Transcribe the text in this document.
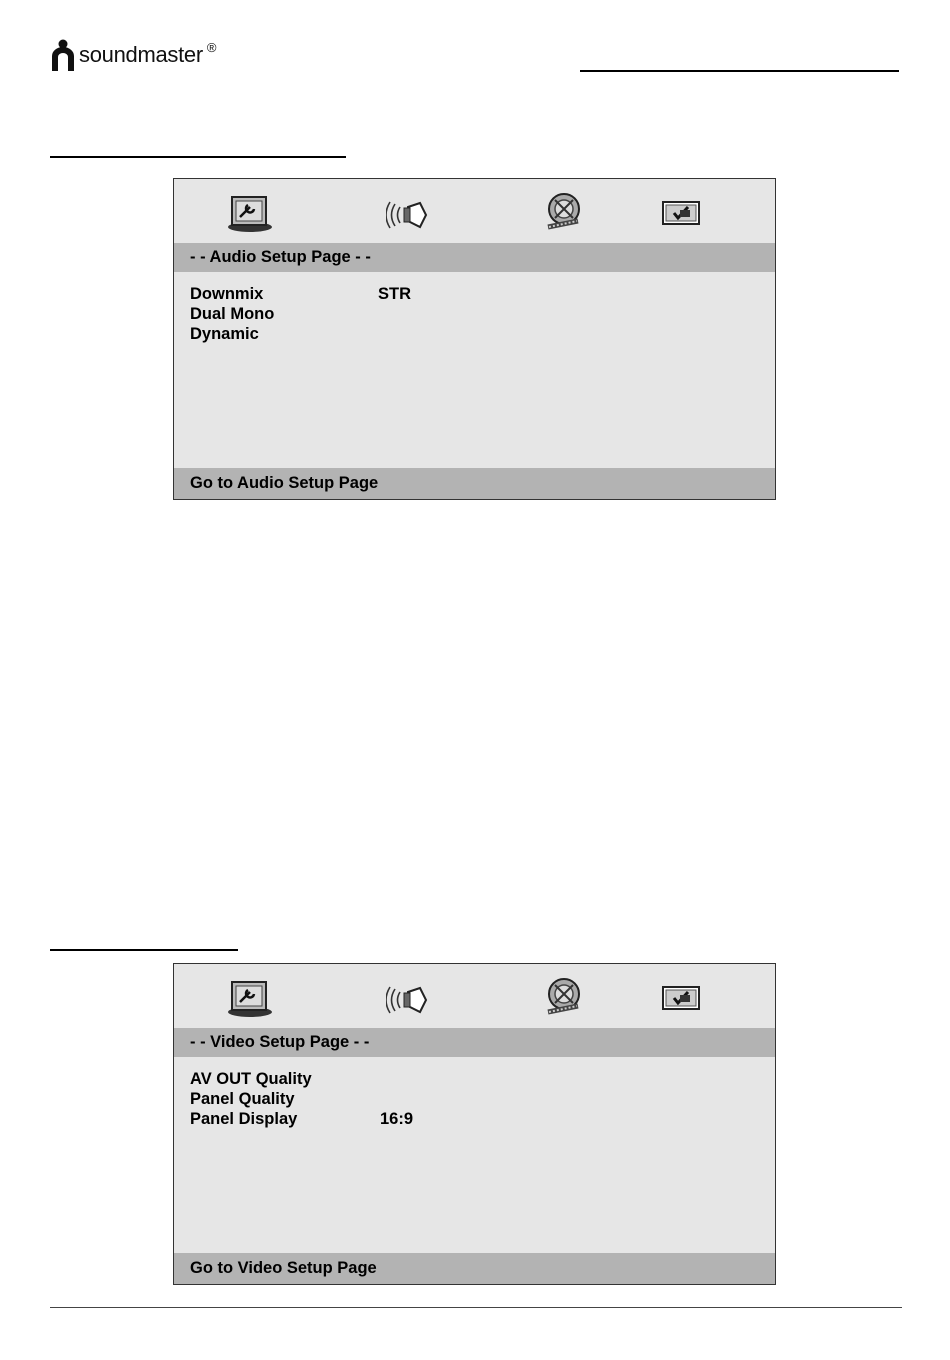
soundmaster ®
- - Audio Setup Page - -
Downmix	STR
Dual Mono
Dynamic
Go to Audio Setup Page
- - Video Setup Page - -
AV OUT Quality
Panel Quality
Panel Display	16:9
Go to Video Setup Page
